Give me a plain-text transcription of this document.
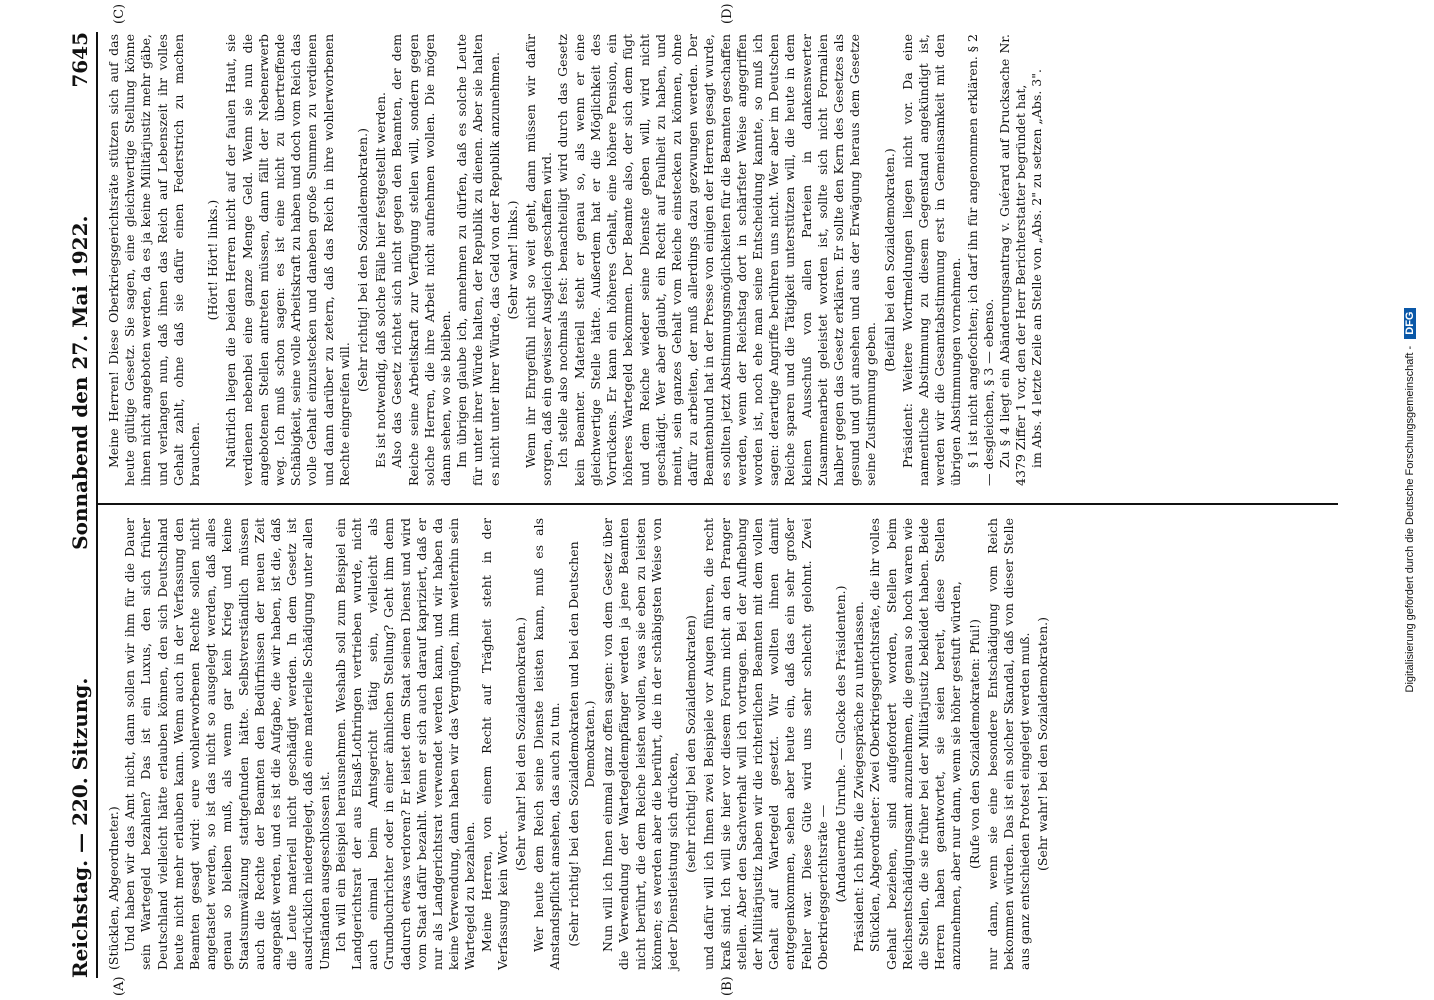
Reichstag. — 220. Sitzung.
Sonnabend den 27. Mai 1922.
7645
(A)	(B)
(C)	(D)

(Stücklen, Abgeordneter.) Und haben wir das Amt nicht, dann sollen wir ihm für die Dauer sein Wartegeld bezahlen? Das ist ein Luxus, den sich früher Deutschland vielleicht hätte erlauben können, den sich Deutschland heute nicht mehr erlauben kann. Wenn auch in der Verfassung den Beamten gesagt wird: eure wohlerworbenen Rechte sollen nicht angetastet werden, so ist das nicht so ausgelegt werden, daß alles genau so bleiben muß, als wenn gar kein Krieg und keine Staatsumwälzung stattgefunden hätte. Selbstverständlich müssen auch die Rechte der Beamten den Bedürfnissen der neuen Zeit angepaßt werden, und es ist die Aufgabe, die wir haben, ist die, daß die Leute materiell nicht geschädigt werden. In dem Gesetz ist ausdrücklich niedergelegt, daß eine materielle Schädigung unter allen Umständen ausgeschlossen ist. Ich will ein Beispiel herausnehmen. Weshalb soll zum Beispiel ein Landgerichtsrat der aus Elsaß-Lothringen vertrieben wurde, nicht auch einmal beim Amtsgericht tätig sein, vielleicht als Grundbuchrichter oder in einer ähnlichen Stellung? Geht ihm denn dadurch etwas verloren? Er leistet dem Staat seinen Dienst und wird vom Staat dafür bezahlt. Wenn er sich auch darauf kapriziert, daß er nur als Landgerichtsrat verwendet werden kann, und wir haben da keine Verwendung, dann haben wir das Vergnügen, ihm weiterhin sein Wartegeld zu bezahlen. Meine Herren, von einem Recht auf Trägheit steht in der Verfassung kein Wort.

(Sehr wahr! bei den Sozialdemokraten.) Wer heute dem Reich seine Dienste leisten kann, muß es als Anstandspflicht ansehen, das auch zu tun. (Sehr richtig! bei den Sozialdemokraten und bei den Deutschen Demokraten.) Nun will ich Ihnen einmal ganz offen sagen: von dem Gesetz über die Verwendung der Wartegeldempfänger werden ja jene Beamten nicht berührt, die dem Reiche leisten wollen, was sie eben zu leisten können; es werden aber die berührt, die in der schäbigsten Weise von jeder Dienstleistung sich drücken, (sehr richtig! bei den Sozialdemokraten) und dafür will ich Ihnen zwei Beispiele vor Augen führen, die recht kraß sind. Ich will sie hier vor diesem Forum nicht an den Pranger stellen. Aber den Sachverhalt will ich vortragen. Bei der Aufhebung der Militärjustiz haben wir die richterlichen Beamten mit dem vollen Gehalt auf Wartegeld gesetzt. Wir wollten ihnen damit entgegenkommen, sehen aber heute ein, daß das ein sehr großer Fehler war. Diese Güte wird uns sehr schlecht gelohnt. Zwei Oberkriegsgerichtsräte — (Andauernde Unruhe. — Glocke des Präsidenten.) Präsident: Ich bitte, die Zwiegespräche zu unterlassen. Stücklen, Abgeordneter: Zwei Oberkriegsgerichtsräte, die ihr volles Gehalt beziehen, sind aufgefordert worden, Stellen beim Reichsentschädigungsamt anzunehmen, die genau so hoch waren wie die Stellen, die sie früher bei der Militärjustiz bekleidet haben. Beide Herren haben geantwortet, sie seien bereit, diese Stellen anzunehmen, aber nur dann, wenn sie höher gestuft würden, (Rufe von den Sozialdemokraten: Pfui!) nur dann, wenn sie eine besondere Entschädigung vom Reich bekommen würden. Das ist ein solcher Skandal, daß von dieser Stelle aus ganz entschieden Protest eingelegt werden muß. (Sehr wahr! bei den Sozialdemokraten.)

Meine Herren! Diese Oberkriegsgerichtsräte stützen sich auf das heute gültige Gesetz. Sie sagen, eine gleichwertige Stellung könne ihnen nicht angeboten werden, da es ja keine Militärjustiz mehr gäbe, und verlangen nun, daß ihnen das Reich auf Lebenszeit ihr volles Gehalt zahlt, ohne daß sie dafür einen Federstrich zu machen brauchen.

(Hört! Hört! links.) Natürlich liegen die beiden Herren nicht auf der faulen Haut, sie verdienen nebenbei eine ganze Menge Geld. Wenn sie nun die angebotenen Stellen antreten müssen, dann fällt der Nebenerwerb weg. Ich muß schon sagen: es ist eine nicht zu übertreffende Schäbigkeit, seine volle Arbeitskraft zu haben und doch vom Reich das volle Gehalt einzustecken und daneben große Summen zu verdienen und dann darüber zu zetern, daß das Reich in ihre wohlerworbenen Rechte eingreifen will.

(Sehr richtig! bei den Sozialdemokraten.) Es ist notwendig, daß solche Fälle hier festgestellt werden. Also das Gesetz richtet sich nicht gegen den Beamten, der dem Reiche seine Arbeitskraft zur Verfügung stellen will, sondern gegen solche Herren, die ihre Arbeit nicht aufnehmen wollen. Die mögen dann sehen, wo sie bleiben. Im übrigen glaube ich, annehmen zu dürfen, daß es solche Leute für unter ihrer Würde halten, der Republik zu dienen. Aber sie halten es nicht unter ihrer Würde, das Geld von der Republik anzunehmen. (Sehr wahr! links.) Wenn ihr Ehrgefühl nicht so weit geht, dann müssen wir dafür sorgen, daß ein gewisser Ausgleich geschaffen wird. Ich stelle also nochmals fest: benachteiligt wird durch das Gesetz kein Beamter. Materiell steht er genau so, als wenn er eine gleichwertige Stelle hätte. Außerdem hat er die Möglichkeit des Vorrückens. Er kann ein höheres Gehalt, eine höhere Pension, ein höheres Wartegeld bekommen. Der Beamte also, der sich dem fügt und dem Reiche wieder seine Dienste geben will, wird nicht geschädigt. Wer aber glaubt, ein Recht auf Faulheit zu haben, und meint, sein ganzes Gehalt vom Reiche einstecken zu können, ohne dafür zu arbeiten, der muß allerdings dazu gezwungen werden. Der Beamtenbund hat in der Presse von einigen der Herren gesagt wurde, es sollten jetzt Abstimmungsmöglichkeiten für die Beamten geschaffen werden, wenn der Reichstag dort in schärfster Weise angegriffen worden ist, noch ehe man seine Entscheidung kannte, so muß ich sagen: derartige Angriffe berühren uns nicht. Wer aber im Deutschen Reiche sparen und die Tätigkeit unterstützen will, die heute in dem kleinen Ausschuß von allen Parteien in dankenswerter Zusammenarbeit geleistet worden ist, sollte sich nicht Formalien halber gegen das Gesetz erklären. Er sollte den Kern des Gesetzes als gesund und gut ansehen und aus der Erwägung heraus dem Gesetze seine Zustimmung geben.

(Beifall bei den Sozialdemokraten.) Präsident: Weitere Wortmeldungen liegen nicht vor. Da eine namentliche Abstimmung zu diesem Gegenstand angekündigt ist, werden wir die Gesamtabstimmung erst in Gemeinsamkeit mit den übrigen Abstimmungen vornehmen. § 1 ist nicht angefochten; ich darf ihn für angenommen erklären. § 2 — desgleichen, § 3 — ebenso. Zu § 4 liegt ein Abänderungsantrag v. Guérard auf Drucksache Nr. 4379 Ziffer 1 vor, den der Herr Berichterstatter begründet hat, im Abs. 4 letzte Zeile an Stelle von „Abs. 2" zu setzen „Abs. 3".

Digitalisierung gefördert durch die Deutsche Forschungsgemeinschaft - DFG
